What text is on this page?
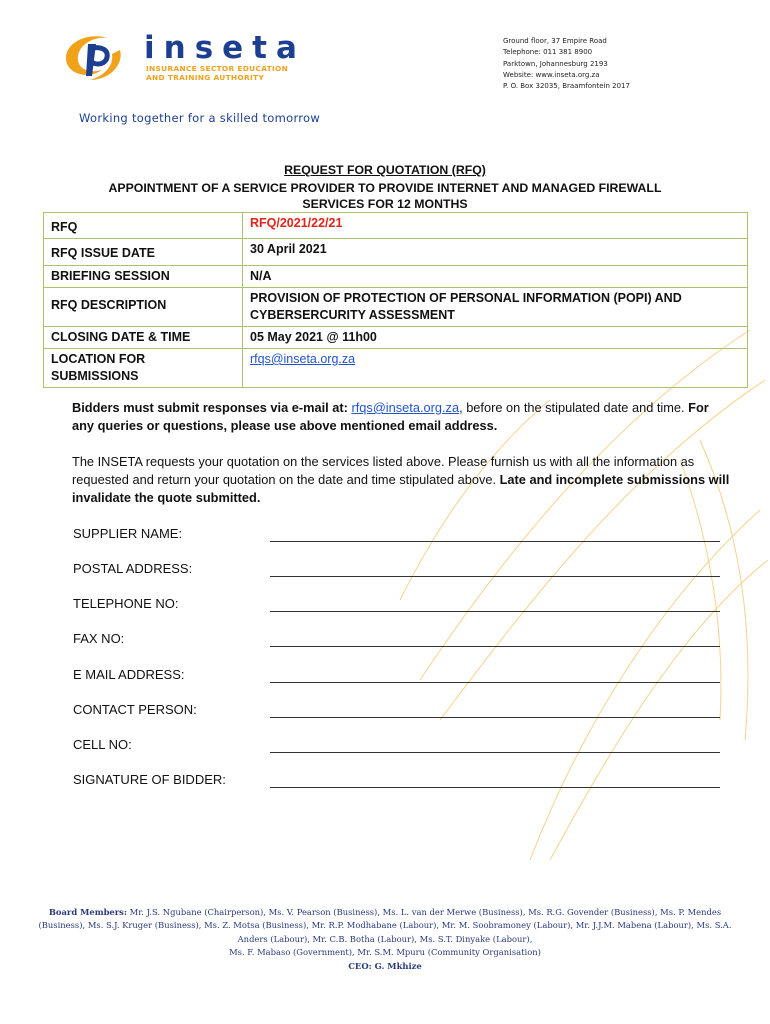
inseta
INSURANCE SECTOR EDUCATION
AND TRAINING AUTHORITY
Working together for a skilled tomorrow
Ground floor, 37 Empire Road
Telephone: 011 381 8900
Parktown, Johannesburg 2193
Website: www.inseta.org.za
P. O. Box 32035, Braamfontein 2017
REQUEST FOR QUOTATION (RFQ)
APPOINTMENT OF A SERVICE PROVIDER TO PROVIDE INTERNET AND MANAGED FIREWALL
SERVICES FOR 12 MONTHS
RFQ	RFQ/2021/22/21
RFQ ISSUE DATE	30 April 2021
BRIEFING SESSION	N/A
RFQ DESCRIPTION	PROVISION OF PROTECTION OF PERSONAL INFORMATION (POPI) AND CYBERSERCURITY ASSESSMENT
CLOSING DATE & TIME	05 May 2021 @ 11h00
LOCATION FOR SUBMISSIONS	rfqs@inseta.org.za
Bidders must submit responses via e-mail at: rfqs@inseta.org.za, before on the stipulated date and time. For any queries or questions, please use above mentioned email address.
The INSETA requests your quotation on the services listed above. Please furnish us with all the information as requested and return your quotation on the date and time stipulated above. Late and incomplete submissions will invalidate the quote submitted.
SUPPLIER NAME:
POSTAL ADDRESS:
TELEPHONE NO:
FAX NO:
E MAIL ADDRESS:
CONTACT PERSON:
CELL NO:
SIGNATURE OF BIDDER:
Board Members: Mr. J.S. Ngubane (Chairperson), Ms. V. Pearson (Business), Ms. L. van der Merwe (Business), Ms. R.G. Govender (Business), Ms. P. Mendes (Business), Ms. S.J. Kruger (Business), Ms. Z. Motsa (Business), Mr. R.P. Modhabane (Labour), Mr. M. Soobramoney (Labour), Mr. J.J.M. Mabena (Labour), Ms. S.A. Anders (Labour), Mr. C.B. Botha (Labour), Ms. S.T. Dinyake (Labour),
Ms. F. Mabaso (Government), Mr. S.M. Mpuru (Community Organisation)
CEO: G. Mkhize
